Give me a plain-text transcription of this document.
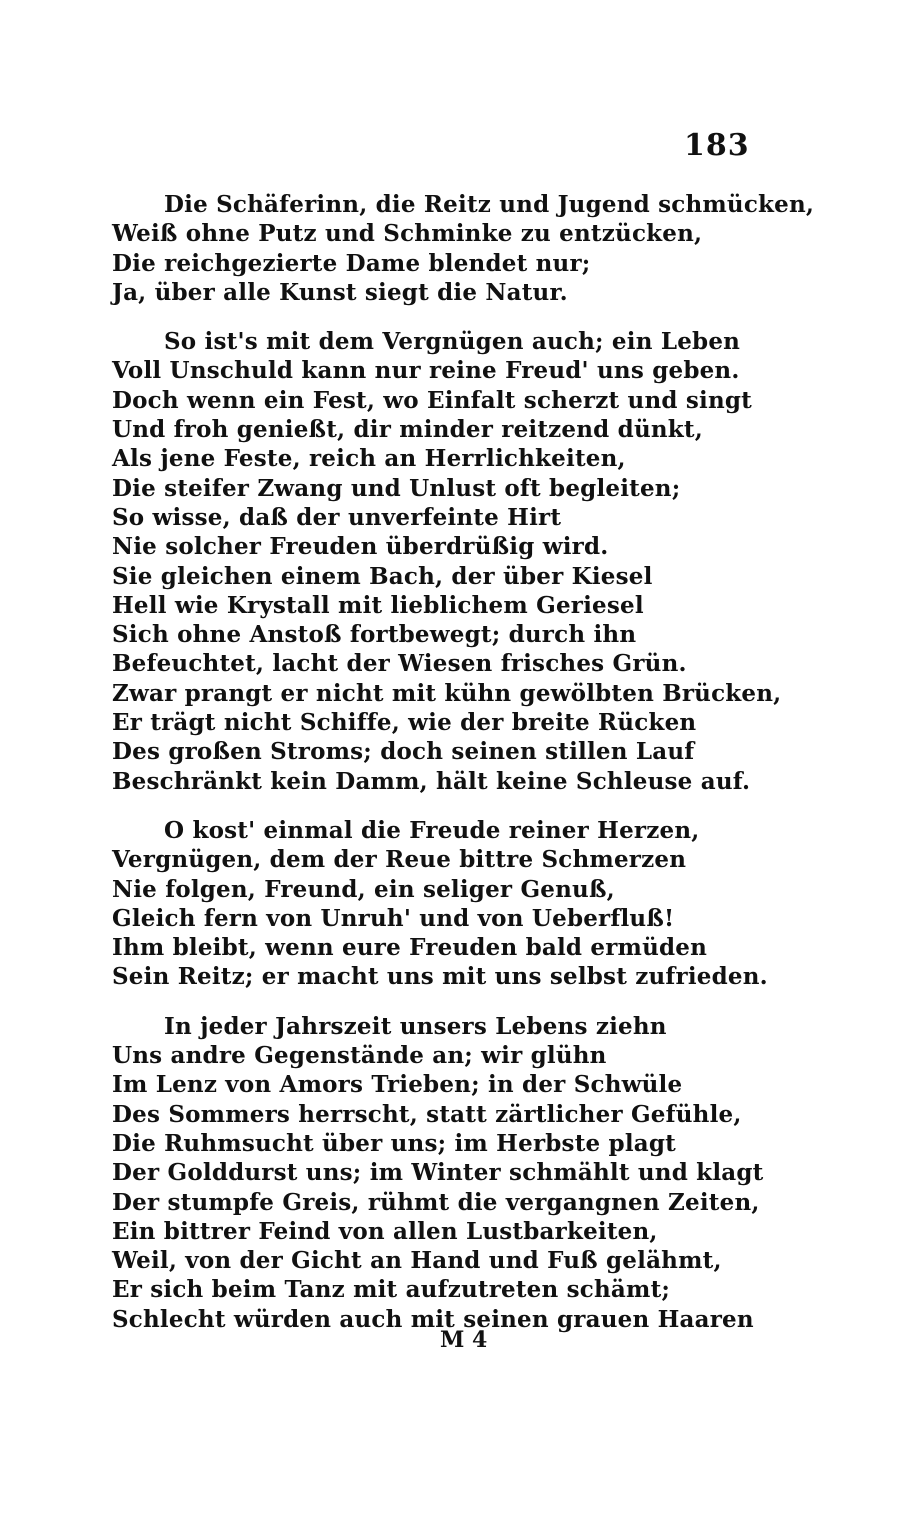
183
Die Schäferinn, die Reitz und Jugend schmücken,
Weiß ohne Putz und Schminke zu entzücken,
Die reichgezierte Dame blendet nur;
Ja, über alle Kunst siegt die Natur.
So ist's mit dem Vergnügen auch; ein Leben
Voll Unschuld kann nur reine Freud' uns geben.
Doch wenn ein Fest, wo Einfalt scherzt und singt
Und froh genießt, dir minder reitzend dünkt,
Als jene Feste, reich an Herrlichkeiten,
Die steifer Zwang und Unlust oft begleiten;
So wisse, daß der unverfeinte Hirt
Nie solcher Freuden überdrüßig wird.
Sie gleichen einem Bach, der über Kiesel
Hell wie Krystall mit lieblichem Geriesel
Sich ohne Anstoß fortbewegt; durch ihn
Befeuchtet, lacht der Wiesen frisches Grün.
Zwar prangt er nicht mit kühn gewölbten Brücken,
Er trägt nicht Schiffe, wie der breite Rücken
Des großen Stroms; doch seinen stillen Lauf
Beschränkt kein Damm, hält keine Schleuse auf.
O kost' einmal die Freude reiner Herzen,
Vergnügen, dem der Reue bittre Schmerzen
Nie folgen, Freund, ein seliger Genuß,
Gleich fern von Unruh' und von Ueberfluß!
Ihm bleibt, wenn eure Freuden bald ermüden
Sein Reitz; er macht uns mit uns selbst zufrieden.
In jeder Jahrszeit unsers Lebens ziehn
Uns andre Gegenstände an; wir glühn
Im Lenz von Amors Trieben; in der Schwüle
Des Sommers herrscht, statt zärtlicher Gefühle,
Die Ruhmsucht über uns; im Herbste plagt
Der Golddurst uns; im Winter schmählt und klagt
Der stumpfe Greis, rühmt die vergangnen Zeiten,
Ein bittrer Feind von allen Lustbarkeiten,
Weil, von der Gicht an Hand und Fuß gelähmt,
Er sich beim Tanz mit aufzutreten schämt;
Schlecht würden auch mit seinen grauen Haaren
M 4
